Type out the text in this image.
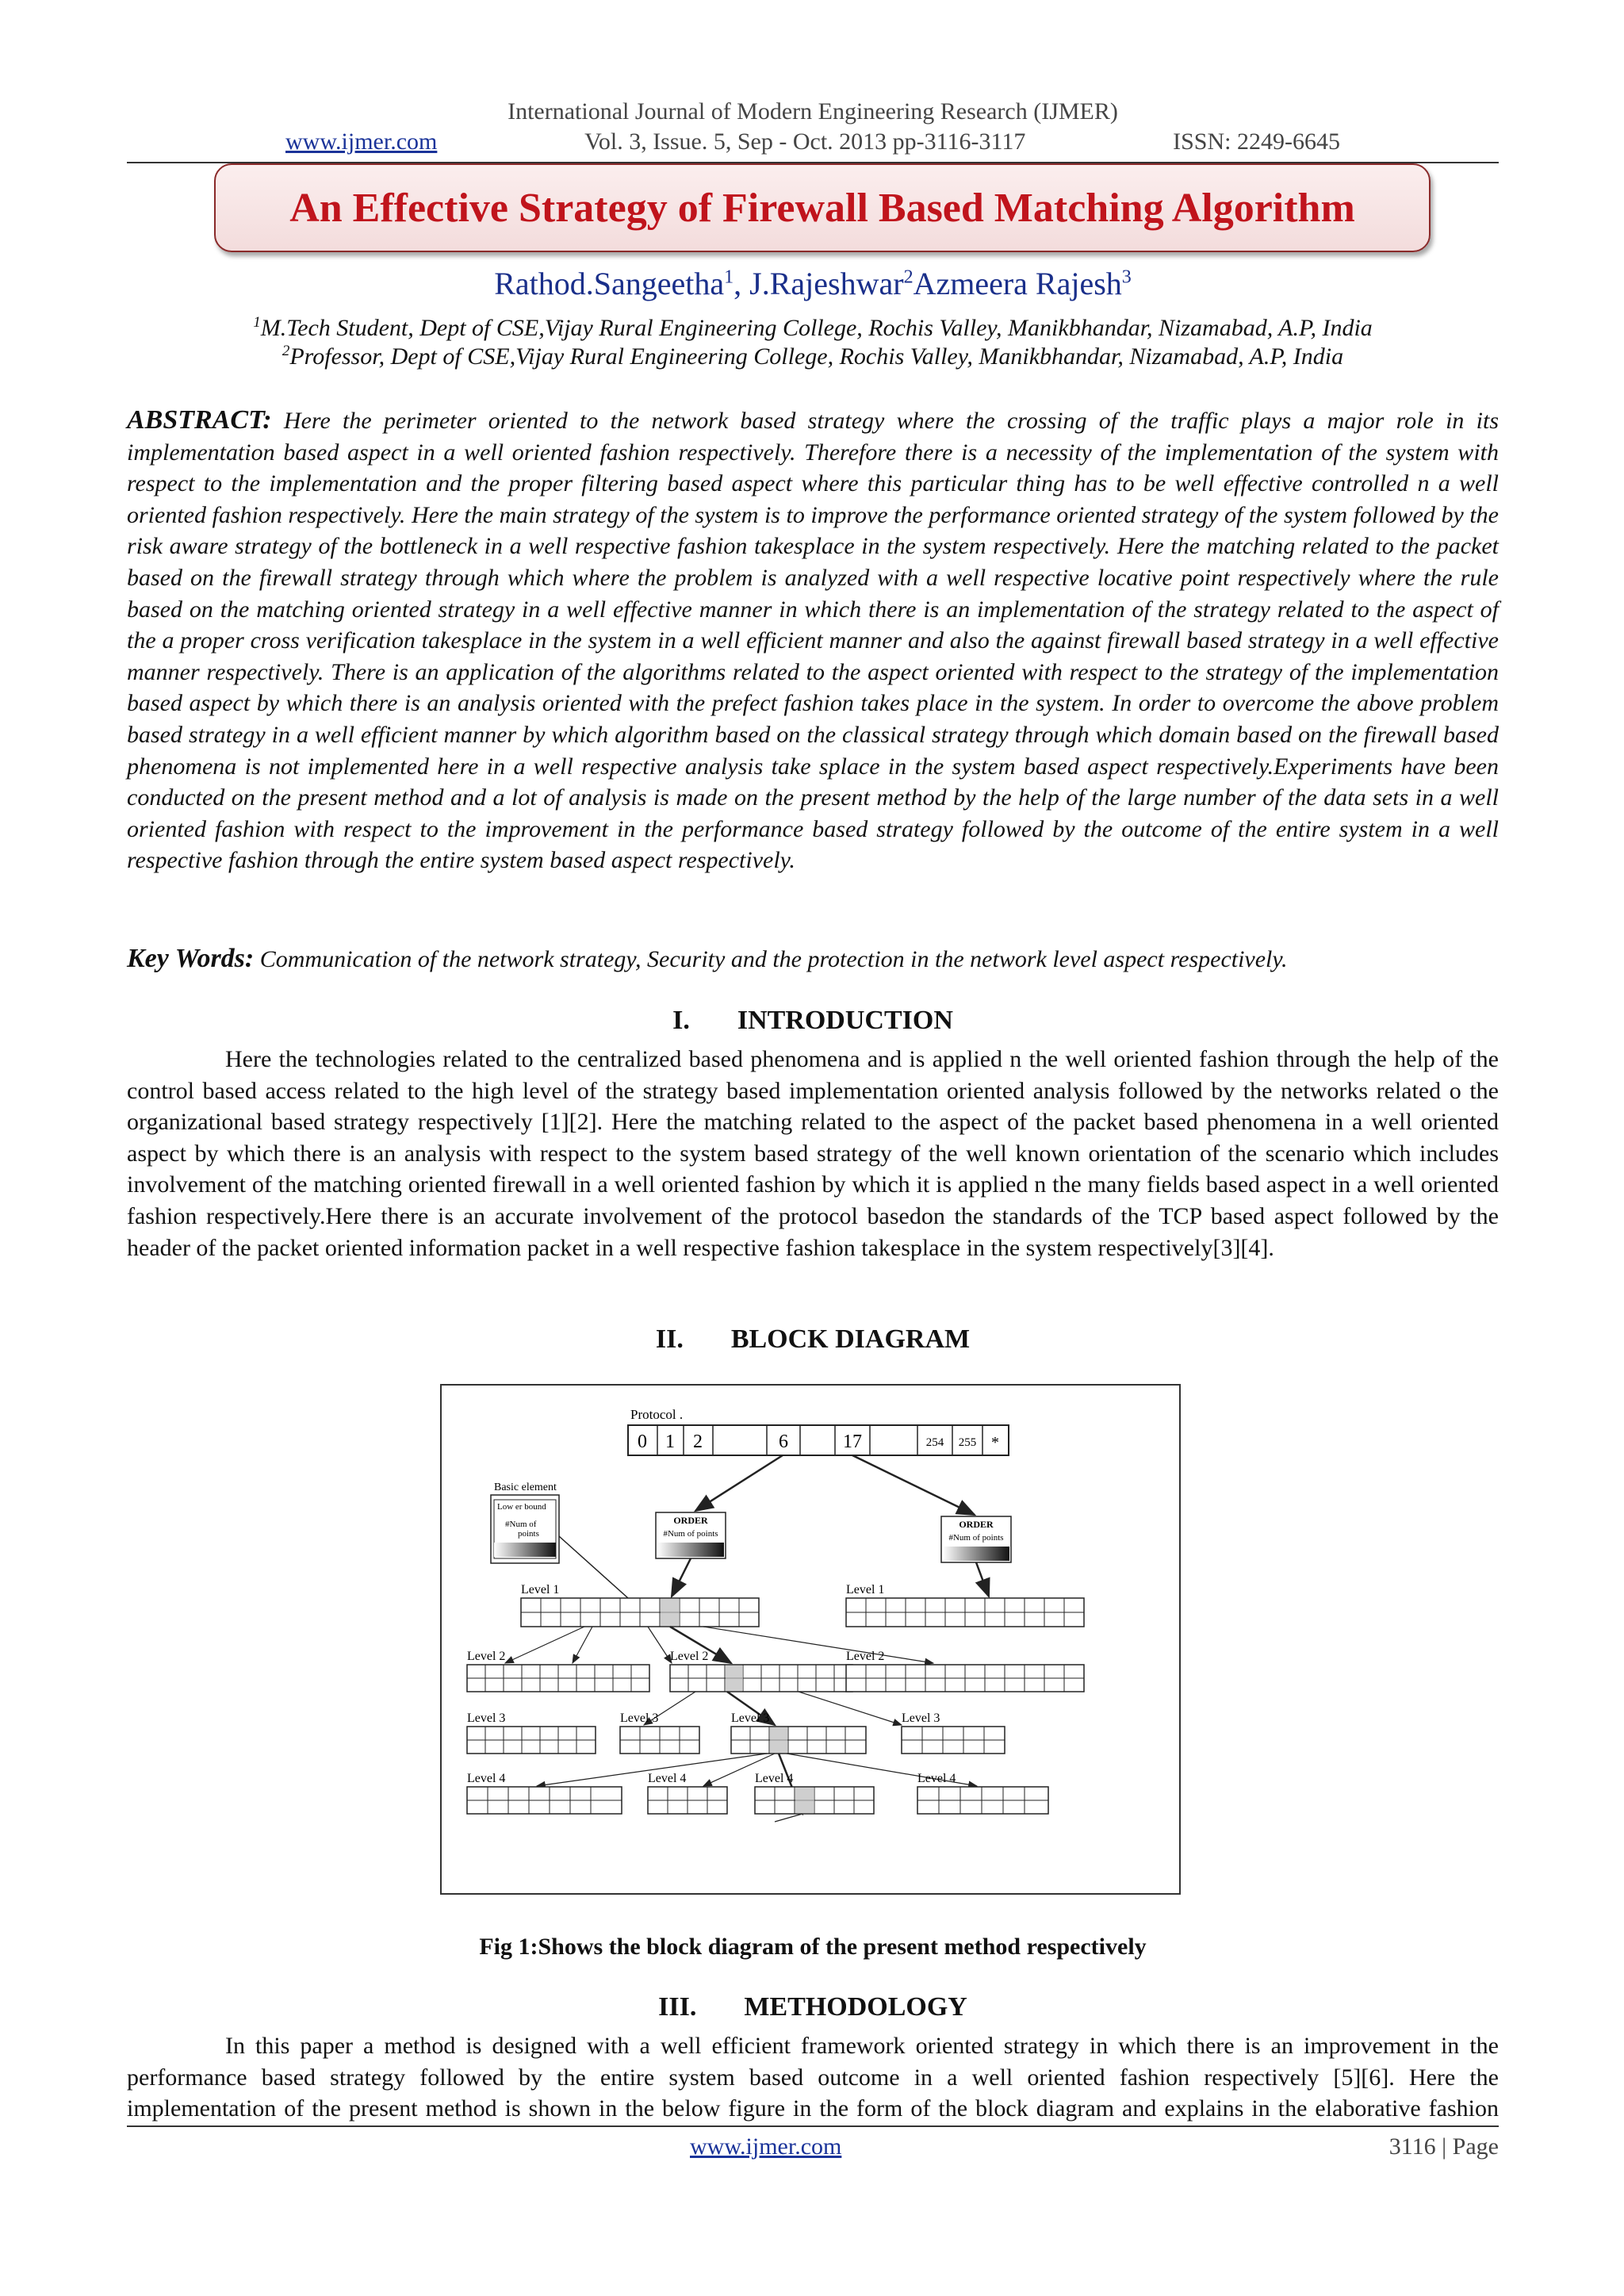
International Journal of Modern Engineering Research (IJMER)
www.ijmer.com	Vol. 3, Issue. 5, Sep - Oct. 2013 pp-3116-3117	ISSN: 2249-6645
An Effective Strategy of Firewall Based Matching Algorithm
Rathod.Sangeetha$^1$, J.Rajeshwar$^2$Azmeera Rajesh$^3$
$^1$M.Tech Student, Dept of CSE,Vijay Rural Engineering College, Rochis Valley, Manikbhandar, Nizamabad, A.P, India
$^2$Professor, Dept of CSE,Vijay Rural Engineering College, Rochis Valley, Manikbhandar, Nizamabad, A.P, India
ABSTRACT: Here the perimeter oriented to the network based strategy where the crossing of the traffic plays a major role in its implementation based aspect in a well oriented fashion respectively. Therefore there is a necessity of the implementation of the system with respect to the implementation and the proper filtering based aspect where this particular thing has to be well effective controlled n a well oriented fashion respectively. Here the main strategy of the system is to improve the performance oriented strategy of the system followed by the risk aware strategy of the bottleneck in a well respective fashion takesplace in the system respectively. Here the matching related to the packet based on the firewall strategy through which where the problem is analyzed with a well respective locative point respectively where the rule based on the matching oriented strategy in a well effective manner in which there is an implementation of the strategy related to the aspect of the a proper cross verification takesplace in the system in a well efficient manner and also the against firewall based strategy in a well effective manner respectively. There is an application of the algorithms related to the aspect oriented with respect to the strategy of the implementation based aspect by which there is an analysis oriented with the prefect fashion takes place in the system. In order to overcome the above problem based strategy in a well efficient manner by which algorithm based on the classical strategy through which domain based on the firewall based phenomena is not implemented here in a well respective analysis take splace in the system based aspect respectively.Experiments have been conducted on the present method and a lot of analysis is made on the present method by the help of the large number of the data sets in a well oriented fashion with respect to the improvement in the performance based strategy followed by the outcome of the entire system in a well respective fashion through the entire system based aspect respectively.
Key Words: Communication of the network strategy, Security and the protection in the network level aspect respectively.
I. INTRODUCTION
Here the technologies related to the centralized based phenomena and is applied n the well oriented fashion through the help of the control based access related to the high level of the strategy based implementation oriented analysis followed by the networks related o the organizational based strategy respectively [1][2]. Here the matching related to the aspect of the packet based phenomena in a well oriented aspect by which there is an analysis with respect to the system based strategy of the well known orientation of the scenario which includes involvement of the matching oriented firewall in a well oriented fashion by which it is applied n the many fields based aspect in a well oriented fashion respectively.Here there is an accurate involvement of the protocol basedon the standards of the TCP based aspect followed by the header of the packet oriented information packet in a well respective fashion takesplace in the system respectively[3][4].
II. BLOCK DIAGRAM
Protocol .
0 1 2	6	17	254 255 *
Basic element
Low er bound
#Num of
points
ORDER
#Num of points
ORDER
#Num of points
Level 1	Level 1
Level 2	Level 2	Level 2
Level 3	Level 3	Level 3	Level 3
Level 4	Level 4	Level 4	Level 4
Fig 1:Shows the block diagram of the present method respectively
III. METHODOLOGY
In this paper a method is designed with a well efficient framework oriented strategy in which there is an improvement in the performance based strategy followed by the entire system based outcome in a well oriented fashion respectively [5][6]. Here the implementation of the present method is shown in the below figure in the form of the block diagram and explains in the elaborative fashion
www.ijmer.com	3116 | Page
